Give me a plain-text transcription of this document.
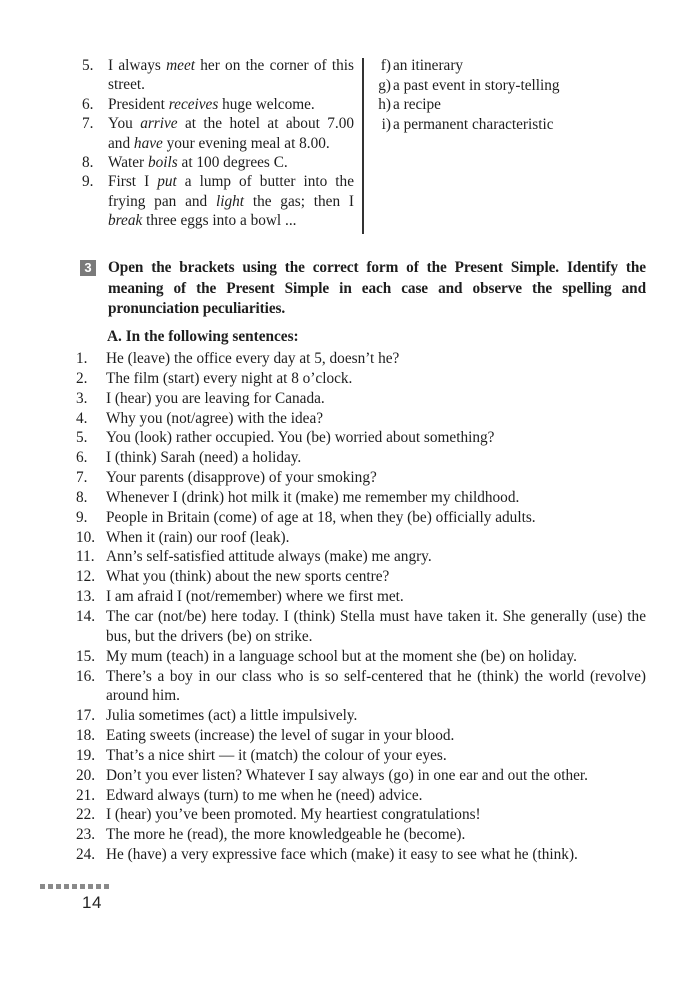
5. I always meet her on the corner of this street.
6. President receives huge welcome.
7. You arrive at the hotel at about 7.00 and have your evening meal at 8.00.
8. Water boils at 100 degrees C.
9. First I put a lump of butter into the frying pan and light the gas; then I break three eggs into a bowl ...
f) an itinerary
g) a past event in story-telling
h) a recipe
i) a permanent characteristic
3 Open the brackets using the correct form of the Present Simple. Identify the meaning of the Present Simple in each case and observe the spelling and pronunciation peculiarities.
A. In the following sentences:
1.	He (leave) the office every day at 5, doesn’t he?
2.	The film (start) every night at 8 o’clock.
3.	I (hear) you are leaving for Canada.
4.	Why you (not/agree) with the idea?
5.	You (look) rather occupied. You (be) worried about something?
6.	I (think) Sarah (need) a holiday.
7.	Your parents (disapprove) of your smoking?
8.	Whenever I (drink) hot milk it (make) me remember my childhood.
9.	People in Britain (come) of age at 18, when they (be) officially adults.
10. When it (rain) our roof (leak).
11. Ann’s self-satisfied attitude always (make) me angry.
12. What you (think) about the new sports centre?
13. I am afraid I (not/remember) where we first met.
14. The car (not/be) here today. I (think) Stella must have taken it. She generally (use) the bus, but the drivers (be) on strike.
15. My mum (teach) in a language school but at the moment she (be) on holiday.
16. There’s a boy in our class who is so self-centered that he (think) the world (revolve) around him.
17. Julia sometimes (act) a little impulsively.
18. Eating sweets (increase) the level of sugar in your blood.
19. That’s a nice shirt — it (match) the colour of your eyes.
20. Don’t you ever listen? Whatever I say always (go) in one ear and out the other.
21. Edward always (turn) to me when he (need) advice.
22. I (hear) you’ve been promoted. My heartiest congratulations!
23. The more he (read), the more knowledgeable he (become).
24. He (have) a very expressive face which (make) it easy to see what he (think).
14
